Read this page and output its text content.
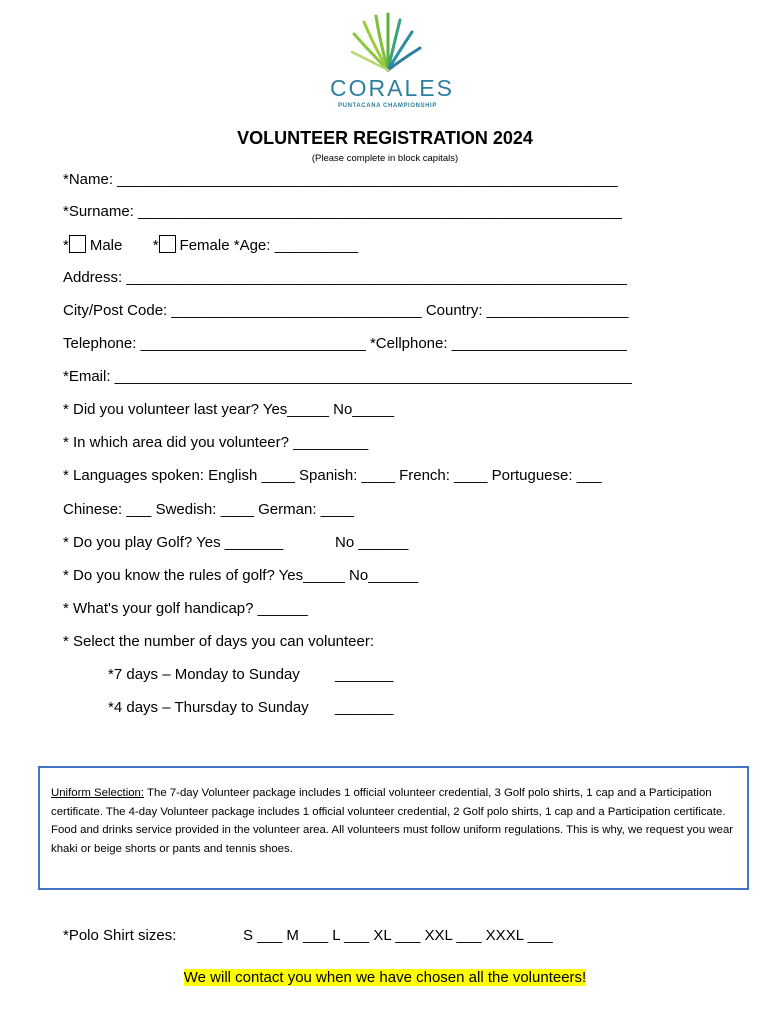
CORALES
PUNTACANA CHAMPIONSHIP
VOLUNTEER REGISTRATION 2024
(Please complete in block capitals)
*Name: ____________________________________________________________
*Surname: __________________________________________________________
* Male * Female *Age: __________
Address: ____________________________________________________________
City/Post Code: ______________________________ Country: _________________
Telephone: ___________________________ *Cellphone: _____________________
*Email: ______________________________________________________________
* Did you volunteer last year? Yes_____ No_____
* In which area did you volunteer? _________
* Languages spoken: English ____ Spanish: ____ French: ____ Portuguese: ___
Chinese: ___ Swedish: ____ German: ____
* Do you play Golf? Yes _______	No ______
* Do you know the rules of golf? Yes_____ No______
* What's your golf handicap? ______
* Select the number of days you can volunteer:
*7 days – Monday to Sunday _______
*4 days – Thursday to Sunday _______

Uniform Selection: The 7-day Volunteer package includes 1 official volunteer credential, 3 Golf polo shirts, 1 cap and a Participation certificate. The 4-day Volunteer package includes 1 official volunteer credential, 2 Golf polo shirts, 1 cap and a Participation certificate.

Food and drinks service provided in the volunteer area. All volunteers must follow uniform regulations. This is why, we request you wear khaki or beige shorts or pants and tennis shoes.

*Polo Shirt sizes:	S ___ M ___ L ___ XL ___ XXL ___ XXXL ___
We will contact you when we have chosen all the volunteers!
